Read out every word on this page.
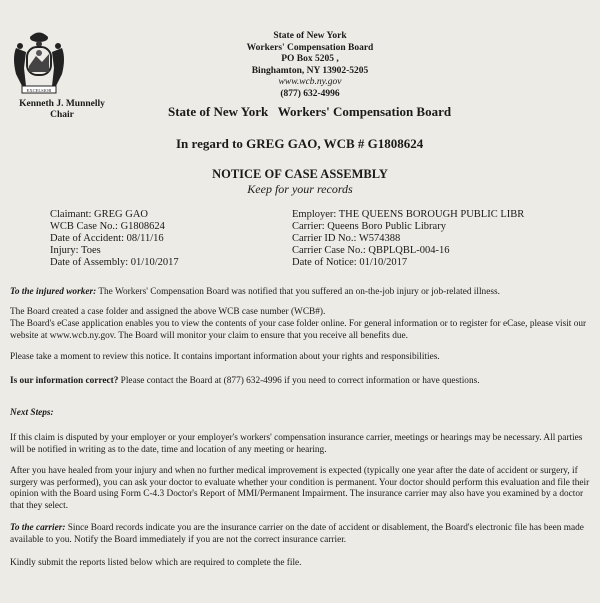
EXCELSIOR
Kenneth J. Munnelly
Chair
State of New York
Workers' Compensation Board
PO Box 5205 ,
Binghamton, NY 13902-5205
www.wcb.ny.gov
(877) 632-4996
State of New York   Workers' Compensation Board
In regard to GREG GAO, WCB # G1808624
NOTICE OF CASE ASSEMBLY
Keep for your records
Claimant: GREG GAO
WCB Case No.: G1808624
Date of Accident: 08/11/16
Injury: Toes
Date of Assembly: 01/10/2017
Employer: THE QUEENS BOROUGH PUBLIC LIBR
Carrier: Queens Boro Public Library
Carrier ID No.: W574388
Carrier Case No.: QBPLQBL-004-16
Date of Notice: 01/10/2017
To the injured worker: The Workers' Compensation Board was notified that you suffered an on-the-job injury or job-related illness.
The Board created a case folder and assigned the above WCB case number (WCB#).
The Board's eCase application enables you to view the contents of your case folder online. For general information or to register for eCase, please visit our website at www.wcb.ny.gov. The Board will monitor your claim to ensure that you receive all benefits due.
Please take a moment to review this notice. It contains important information about your rights and responsibilities.
Is our information correct? Please contact the Board at (877) 632-4996 if you need to correct information or have questions.
Next Steps:
If this claim is disputed by your employer or your employer's workers' compensation insurance carrier, meetings or hearings may be necessary. All parties will be notified in writing as to the date, time and location of any meeting or hearing.
After you have healed from your injury and when no further medical improvement is expected (typically one year after the date of accident or surgery, if surgery was performed), you can ask your doctor to evaluate whether your condition is permanent. Your doctor should perform this evaluation and file their opinion with the Board using Form C-4.3 Doctor's Report of MMI/Permanent Impairment. The insurance carrier may also have you examined by a doctor that they select.
To the carrier: Since Board records indicate you are the insurance carrier on the date of accident or disablement, the Board's electronic file has been made available to you. Notify the Board immediately if you are not the correct insurance carrier.
Kindly submit the reports listed below which are required to complete the file.
